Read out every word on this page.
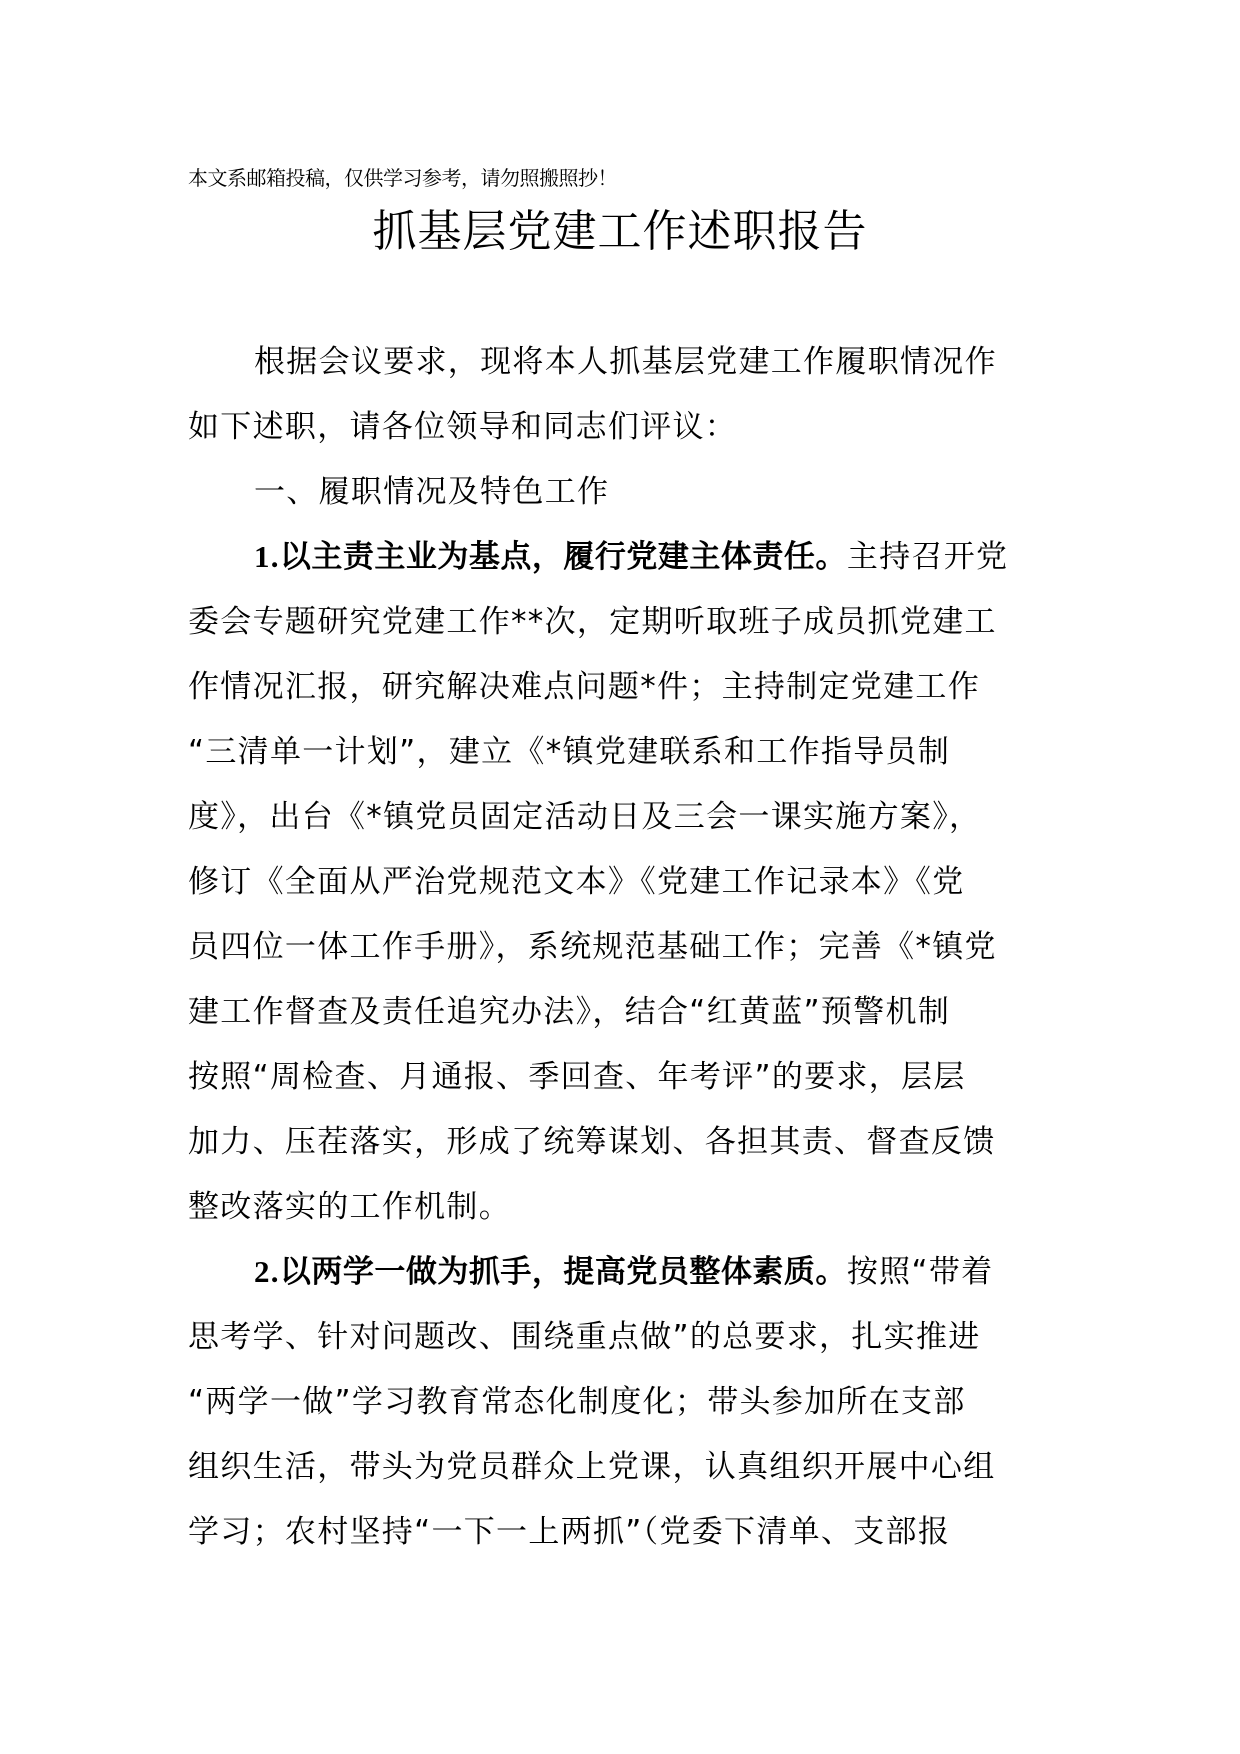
本文系邮箱投稿，仅供学习参考，请勿照搬照抄！
抓基层党建工作述职报告
根据会议要求，现将本人抓基层党建工作履职情况作
如下述职，请各位领导和同志们评议：
一、履职情况及特色工作
1.以主责主业为基点，履行党建主体责任。主持召开党
委会专题研究党建工作**次，定期听取班子成员抓党建工
作情况汇报，研究解决难点问题*件；主持制定党建工作
“三清单一计划”，建立《*镇党建联系和工作指导员制
度》，出台《*镇党员固定活动日及三会一课实施方案》，
修订《全面从严治党规范文本》《党建工作记录本》《党
员四位一体工作手册》，系统规范基础工作；完善《*镇党
建工作督查及责任追究办法》，结合“红黄蓝”预警机制
按照“周检查、月通报、季回查、年考评”的要求，层层
加力、压茬落实，形成了统筹谋划、各担其责、督查反馈
整改落实的工作机制。
2.以两学一做为抓手，提高党员整体素质。按照“带着
思考学、针对问题改、围绕重点做”的总要求，扎实推进
“两学一做”学习教育常态化制度化；带头参加所在支部
组织生活，带头为党员群众上党课，认真组织开展中心组
学习；农村坚持“一下一上两抓”（党委下清单、支部报
